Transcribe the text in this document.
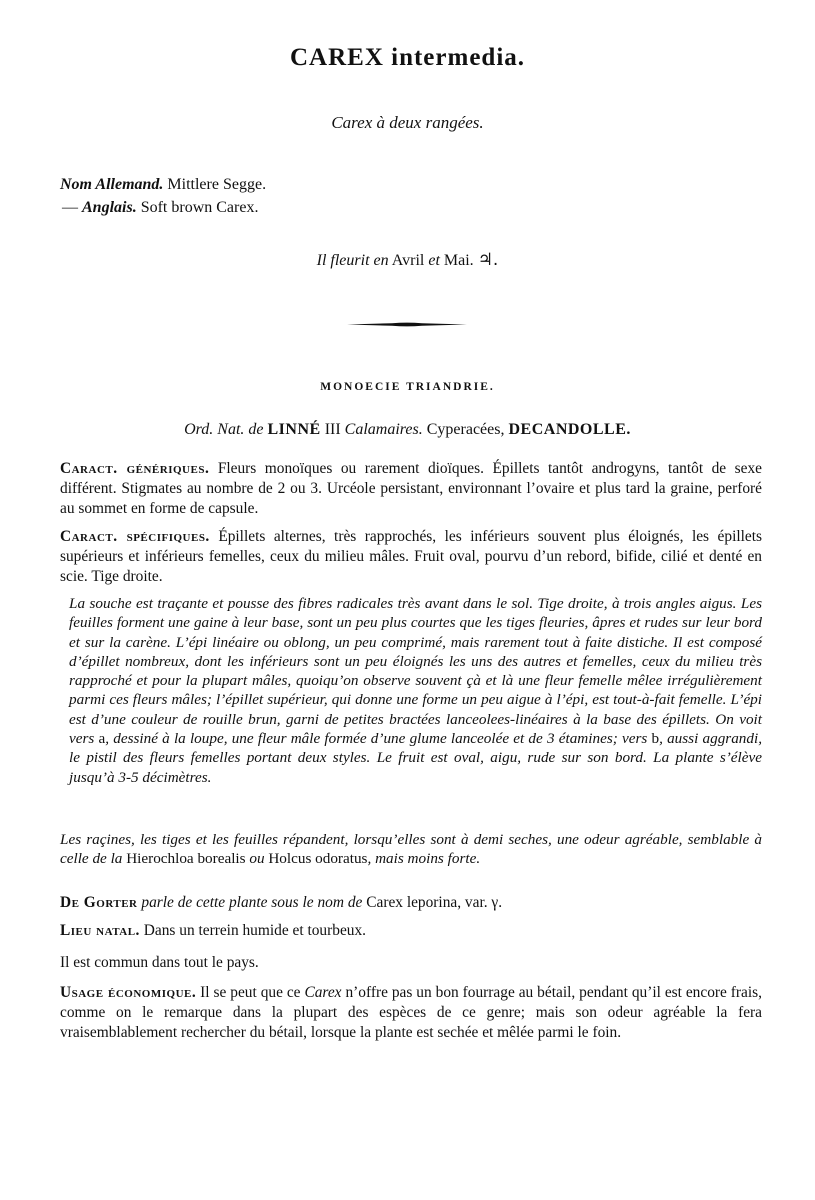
CAREX intermedia.
Carex à deux rangées.
Nom Allemand. Mittlere Segge.
— Anglais. Soft brown Carex.
Il fleurit en Avril et Mai. ♃.
MONOECIE TRIANDRIE.
Ord. Nat. de LINNÉ III Calamaires. Cyperacées, DECANDOLLE.
Caract. génériques. Fleurs monoïques ou rarement dioïques. Épillets tantôt androgyns, tantôt de sexe différent. Stigmates au nombre de 2 ou 3. Urcéole persistant, environnant l’ovaire et plus tard la graine, perforé au sommet en forme de capsule.
Caract. spécifiques. Épillets alternes, très rapprochés, les inférieurs souvent plus éloignés, les épillets supérieurs et inférieurs femelles, ceux du milieu mâles. Fruit oval, pourvu d’un rebord, bifide, cilié et denté en scie. Tige droite.
La souche est traçante et pousse des fibres radicales très avant dans le sol. Tige droite, à trois angles aigus. Les feuilles forment une gaine à leur base, sont un peu plus courtes que les tiges fleuries, âpres et rudes sur leur bord et sur la carène. L’épi linéaire ou oblong, un peu comprimé, mais rarement tout à faite distiche. Il est composé d’épillet nombreux, dont les inférieurs sont un peu éloignés les uns des autres et femelles, ceux du milieu très rapproché et pour la plupart mâles, quoiqu’on observe souvent çà et là une fleur femelle mêlee irrégulièrement parmi ces fleurs mâles; l’épillet supérieur, qui donne une forme un peu aigue à l’épi, est tout-à-fait femelle. L’épi est d’une couleur de rouille brun, garni de petites bractées lanceolees-linéaires à la base des épillets. On voit vers a, dessiné à la loupe, une fleur mâle formée d’une glume lanceolée et de 3 étamines; vers b, aussi aggrandi, le pistil des fleurs femelles portant deux styles. Le fruit est oval, aigu, rude sur son bord. La plante s’élève jusqu’à 3-5 décimètres.
Les raçines, les tiges et les feuilles répandent, lorsqu’elles sont à demi seches, une odeur agréable, semblable à celle de la Hierochloa borealis ou Holcus odoratus, mais moins forte.
De Gorter parle de cette plante sous le nom de Carex leporina, var. γ.
Lieu natal. Dans un terrein humide et tourbeux.
Il est commun dans tout le pays.
Usage économique. Il se peut que ce Carex n’offre pas un bon fourrage au bétail, pendant qu’il est encore frais, comme on le remarque dans la plupart des espèces de ce genre; mais son odeur agréable la fera vraisemblablement rechercher du bétail, lorsque la plante est sechée et mêlée parmi le foin.
